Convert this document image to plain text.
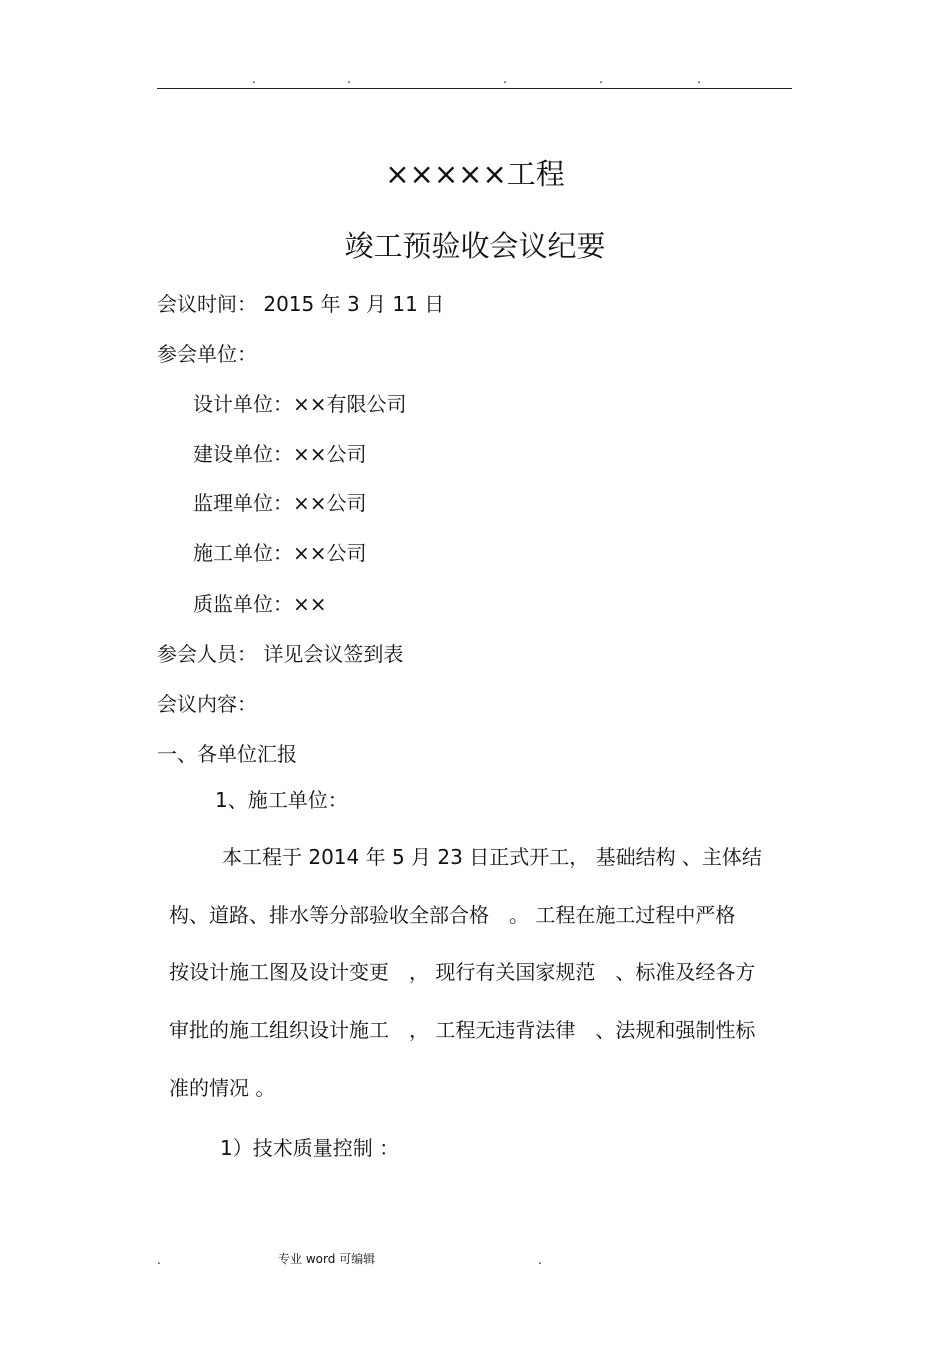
.	.	.	.	.
×××××工程
竣工预验收会议纪要
会议时间： 2015 年 3 月 11 日
参会单位：
设计单位：××有限公司
建设单位：××公司
监理单位：××公司
施工单位：××公司
质监单位：××
参会人员： 详见会议签到表
会议内容：
一、各单位汇报
1、施工单位：
本工程于 2014 年 5 月 23 日正式开工， 基础结构 、主体结
构、道路、排水等分部验收全部合格　。 工程在施工过程中严格
按设计施工图及设计变更　， 现行有关国家规范　、标准及经各方
审批的施工组织设计施工　， 工程无违背法律　、法规和强制性标
准的情况 。
1）技术质量控制 ：
.	专业 word 可编辑	.
